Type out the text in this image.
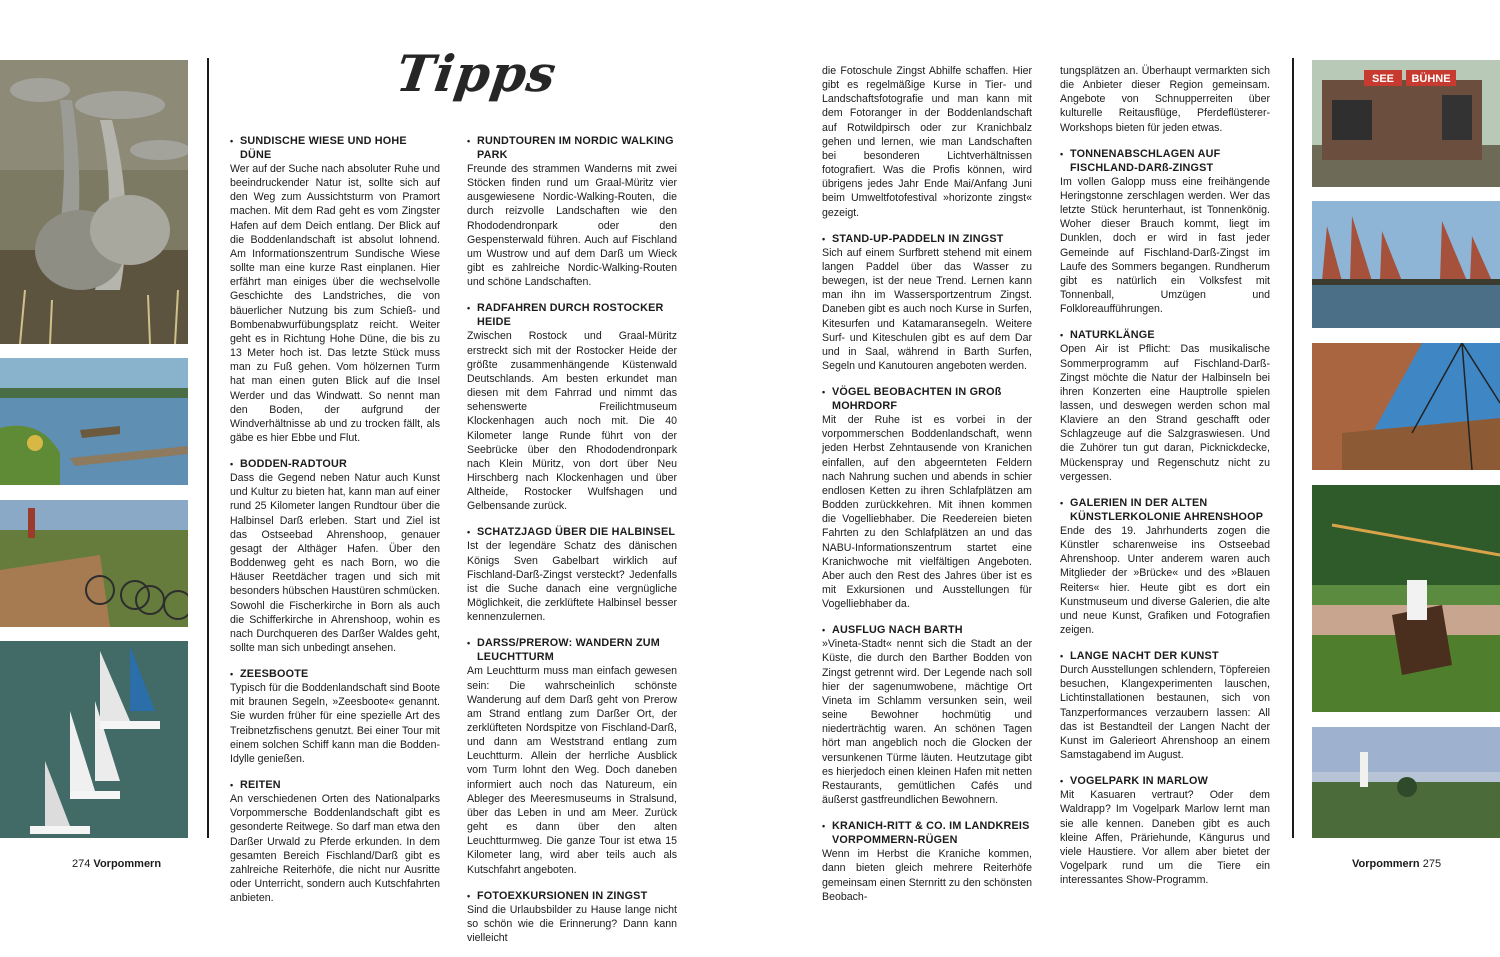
Tipps
• SUNDISCHE WIESE UND HOHE DÜNE
Wer auf der Suche nach absoluter Ruhe und beeindruckender Natur ist, sollte sich auf den Weg zum Aussichtsturm von Pramort machen. Mit dem Rad geht es vom Zingster Hafen auf dem Deich entlang. Der Blick auf die Boddenlandschaft ist absolut lohnend. Am Informationszentrum Sundische Wiese sollte man eine kurze Rast einplanen. Hier erfährt man einiges über die wechselvolle Geschichte des Landstriches, die von bäuerlicher Nutzung bis zum Schieß- und Bombenabwurfübungsplatz reicht. Weiter geht es in Richtung Hohe Düne, die bis zu 13 Meter hoch ist. Das letzte Stück muss man zu Fuß gehen. Vom hölzernen Turm hat man einen guten Blick auf die Insel Werder und das Windwatt. So nennt man den Boden, der aufgrund der Windverhältnisse ab und zu trocken fällt, als gäbe es hier Ebbe und Flut.
• BODDEN-RADTOUR
Dass die Gegend neben Natur auch Kunst und Kultur zu bieten hat, kann man auf einer rund 25 Kilometer langen Rundtour über die Halbinsel Darß erleben. Start und Ziel ist das Ostseebad Ahrenshoop, genauer gesagt der Althäger Hafen. Über den Boddenweg geht es nach Born, wo die Häuser Reetdächer tragen und sich mit besonders hübschen Haustüren schmücken. Sowohl die Fischerkirche in Born als auch die Schifferkirche in Ahrenshoop, wohin es nach Durchqueren des Darßer Waldes geht, sollte man sich unbedingt ansehen.
• ZEESBOOTE
Typisch für die Boddenlandschaft sind Boote mit braunen Segeln, »Zeesboote« genannt. Sie wurden früher für eine spezielle Art des Treibnetzfischens genutzt. Bei einer Tour mit einem solchen Schiff kann man die Bodden-Idylle genießen.
• REITEN
An verschiedenen Orten des Nationalparks Vorpommersche Boddenlandschaft gibt es gesonderte Reitwege. So darf man etwa den Darßer Urwald zu Pferde erkunden. In dem gesamten Bereich Fischland/Darß gibt es zahlreiche Reiterhöfe, die nicht nur Ausritte oder Unterricht, sondern auch Kutschfahrten anbieten.
• RUNDTOUREN IM NORDIC WALKING PARK
Freunde des strammen Wanderns mit zwei Stöcken finden rund um Graal-Müritz vier ausgewiesene Nordic-Walking-Routen, die durch reizvolle Landschaften wie den Rhododendronpark oder den Gespensterwald führen. Auch auf Fischland um Wustrow und auf dem Darß um Wieck gibt es zahlreiche Nordic-Walking-Routen und schöne Landschaften.
• RADFAHREN DURCH ROSTOCKER HEIDE
Zwischen Rostock und Graal-Müritz erstreckt sich mit der Rostocker Heide der größte zusammenhängende Küstenwald Deutschlands. Am besten erkundet man diesen mit dem Fahrrad und nimmt das sehenswerte Freilichtmuseum Klockenhagen auch noch mit. Die 40 Kilometer lange Runde führt von der Seebrücke über den Rhododendronpark nach Klein Müritz, von dort über Neu Hirschberg nach Klockenhagen und über Altheide, Rostocker Wulfshagen und Gelbensande zurück.
• SCHATZJAGD ÜBER DIE HALBINSEL
Ist der legendäre Schatz des dänischen Königs Sven Gabelbart wirklich auf Fischland-Darß-Zingst versteckt? Jedenfalls ist die Suche danach eine vergnügliche Möglichkeit, die zerklüftete Halbinsel besser kennenzulernen.
• DARSS/PREROW: WANDERN ZUM LEUCHTTURM
Am Leuchtturm muss man einfach gewesen sein: Die wahrscheinlich schönste Wanderung auf dem Darß geht von Prerow am Strand entlang zum Darßer Ort, der zerklüfteten Nordspitze von Fischland-Darß, und dann am Weststrand entlang zum Leuchtturm. Allein der herrliche Ausblick vom Turm lohnt den Weg. Doch daneben informiert auch noch das Natureum, ein Ableger des Meeresmuseums in Stralsund, über das Leben in und am Meer. Zurück geht es dann über den alten Leuchtturmweg. Die ganze Tour ist etwa 15 Kilometer lang, wird aber teils auch als Kutschfahrt angeboten.
• FOTOEXKURSIONEN IN ZINGST
Sind die Urlaubsbilder zu Hause lange nicht so schön wie die Erinnerung? Dann kann vielleicht
die Fotoschule Zingst Abhilfe schaffen. Hier gibt es regelmäßige Kurse in Tier- und Landschaftsfotografie und man kann mit dem Fotoranger in der Boddenlandschaft auf Rotwildpirsch oder zur Kranichbalz gehen und lernen, wie man Landschaften bei besonderen Lichtverhältnissen fotografiert. Was die Profis können, wird übrigens jedes Jahr Ende Mai/Anfang Juni beim Umweltfotofestival »horizonte zingst« gezeigt.
• STAND-UP-PADDELN IN ZINGST
Sich auf einem Surfbrett stehend mit einem langen Paddel über das Wasser zu bewegen, ist der neue Trend. Lernen kann man ihn im Wassersportzentrum Zingst. Daneben gibt es auch noch Kurse in Surfen, Kitesurfen und Katamaransegeln. Weitere Surf- und Kiteschulen gibt es auf dem Dar und in Saal, während in Barth Surfen, Segeln und Kanutouren angeboten werden.
• VÖGEL BEOBACHTEN IN GROß MOHRDORF
Mit der Ruhe ist es vorbei in der vorpommerschen Boddenlandschaft, wenn jeden Herbst Zehntausende von Kranichen einfallen, auf den abgeernteten Feldern nach Nahrung suchen und abends in schier endlosen Ketten zu ihren Schlafplätzen am Bodden zurückkehren. Mit ihnen kommen die Vogelliebhaber. Die Reedereien bieten Fahrten zu den Schlafplätzen an und das NABU-Informationszentrum startet eine Kranichwoche mit vielfältigen Angeboten. Aber auch den Rest des Jahres über ist es mit Exkursionen und Ausstellungen für Vogelliebhaber da.
• AUSFLUG NACH BARTH
»Vineta-Stadt« nennt sich die Stadt an der Küste, die durch den Barther Bodden von Zingst getrennt wird. Der Legende nach soll hier der sagenumwobene, mächtige Ort Vineta im Schlamm versunken sein, weil seine Bewohner hochmütig und niederträchtig waren. An schönen Tagen hört man angeblich noch die Glocken der versunkenen Türme läuten. Heutzutage gibt es hierjedoch einen kleinen Hafen mit netten Restaurants, gemütlichen Cafés und äußerst gastfreundlichen Bewohnern.
• KRANICH-RITT & CO. IM LANDKREIS VORPOMMERN-RÜGEN
Wenn im Herbst die Kraniche kommen, dann bieten gleich mehrere Reiterhöfe gemeinsam einen Sternritt zu den schönsten Beobach-
tungsplätzen an. Überhaupt vermarkten sich die Anbieter dieser Region gemeinsam. Angebote von Schnupperreiten über kulturelle Reitausflüge, Pferdeflüsterer-Workshops bieten für jeden etwas.
• TONNENABSCHLAGEN AUF FISCHLAND-DARß-ZINGST
Im vollen Galopp muss eine freihängende Heringstonne zerschlagen werden. Wer das letzte Stück herunterhaut, ist Tonnenkönig. Woher dieser Brauch kommt, liegt im Dunklen, doch er wird in fast jeder Gemeinde auf Fischland-Darß-Zingst im Laufe des Sommers begangen. Rundherum gibt es natürlich ein Volksfest mit Tonnenball, Umzügen und Folkloreaufführungen.
• NATURKLÄNGE
Open Air ist Pflicht: Das musikalische Sommerprogramm auf Fischland-Darß-Zingst möchte die Natur der Halbinseln bei ihren Konzerten eine Hauptrolle spielen lassen, und deswegen werden schon mal Klaviere an den Strand geschafft oder Schlagzeuge auf die Salzgraswiesen. Und die Zuhörer tun gut daran, Picknickdecke, Mückenspray und Regenschutz nicht zu vergessen.
• GALERIEN IN DER ALTEN KÜNSTLERKOLONIE AHRENSHOOP
Ende des 19. Jahrhunderts zogen die Künstler scharenweise ins Ostseebad Ahrenshoop. Unter anderem waren auch Mitglieder der »Brücke« und des »Blauen Reiters« hier. Heute gibt es dort ein Kunstmuseum und diverse Galerien, die alte und neue Kunst, Grafiken und Fotografien zeigen.
• LANGE NACHT DER KUNST
Durch Ausstellungen schlendern, Töpfereien besuchen, Klangexperimenten lauschen, Lichtinstallationen bestaunen, sich von Tanzperformances verzaubern lassen: All das ist Bestandteil der Langen Nacht der Kunst im Galerieort Ahrenshoop an einem Samstagabend im August.
• VOGELPARK IN MARLOW
Mit Kasuaren vertraut? Oder dem Waldrapp? Im Vogelpark Marlow lernt man sie alle kennen. Daneben gibt es auch kleine Affen, Präriehunde, Kängurus und viele Haustiere. Vor allem aber bietet der Vogelpark rund um die Tiere ein interessantes Show-Programm.
SEE BÜHNE
274 Vorpommern	Vorpommern 275
